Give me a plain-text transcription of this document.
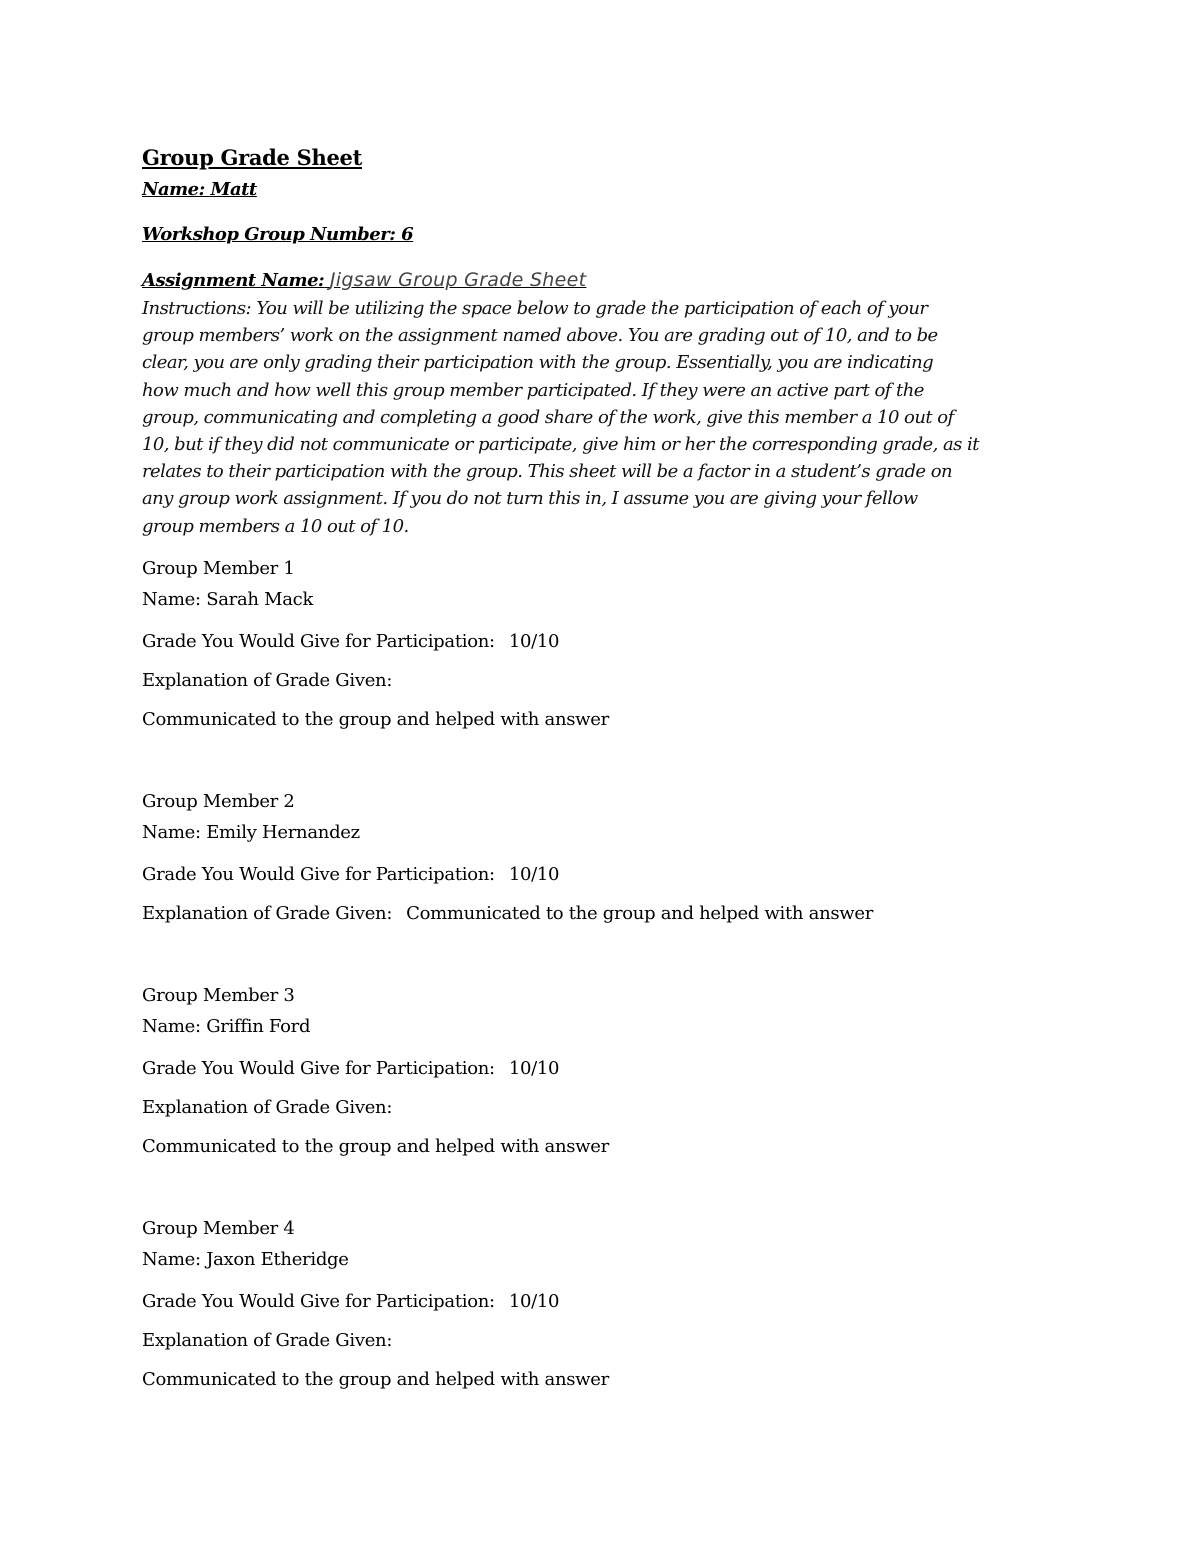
Group Grade Sheet

Name: Matt

Workshop Group Number: 6

Assignment Name: Jigsaw Group Grade Sheet

Instructions: You will be utilizing the space below to grade the participation of each of your
group members’ work on the assignment named above. You are grading out of 10, and to be
clear, you are only grading their participation with the group. Essentially, you are indicating
how much and how well this group member participated. If they were an active part of the
group, communicating and completing a good share of the work, give this member a 10 out of
10, but if they did not communicate or participate, give him or her the corresponding grade, as it
relates to their participation with the group. This sheet will be a factor in a student’s grade on
any group work assignment. If you do not turn this in, I assume you are giving your fellow
group members a 10 out of 10.

Group Member 1

Name: Sarah Mack

Grade You Would Give for Participation: 10/10

Explanation of Grade Given:

Communicated to the group and helped with answer

Group Member 2

Name: Emily Hernandez

Grade You Would Give for Participation: 10/10

Explanation of Grade Given: Communicated to the group and helped with answer

Group Member 3

Name: Griffin Ford

Grade You Would Give for Participation: 10/10

Explanation of Grade Given:

Communicated to the group and helped with answer

Group Member 4

Name: Jaxon Etheridge

Grade You Would Give for Participation: 10/10

Explanation of Grade Given:

Communicated to the group and helped with answer
